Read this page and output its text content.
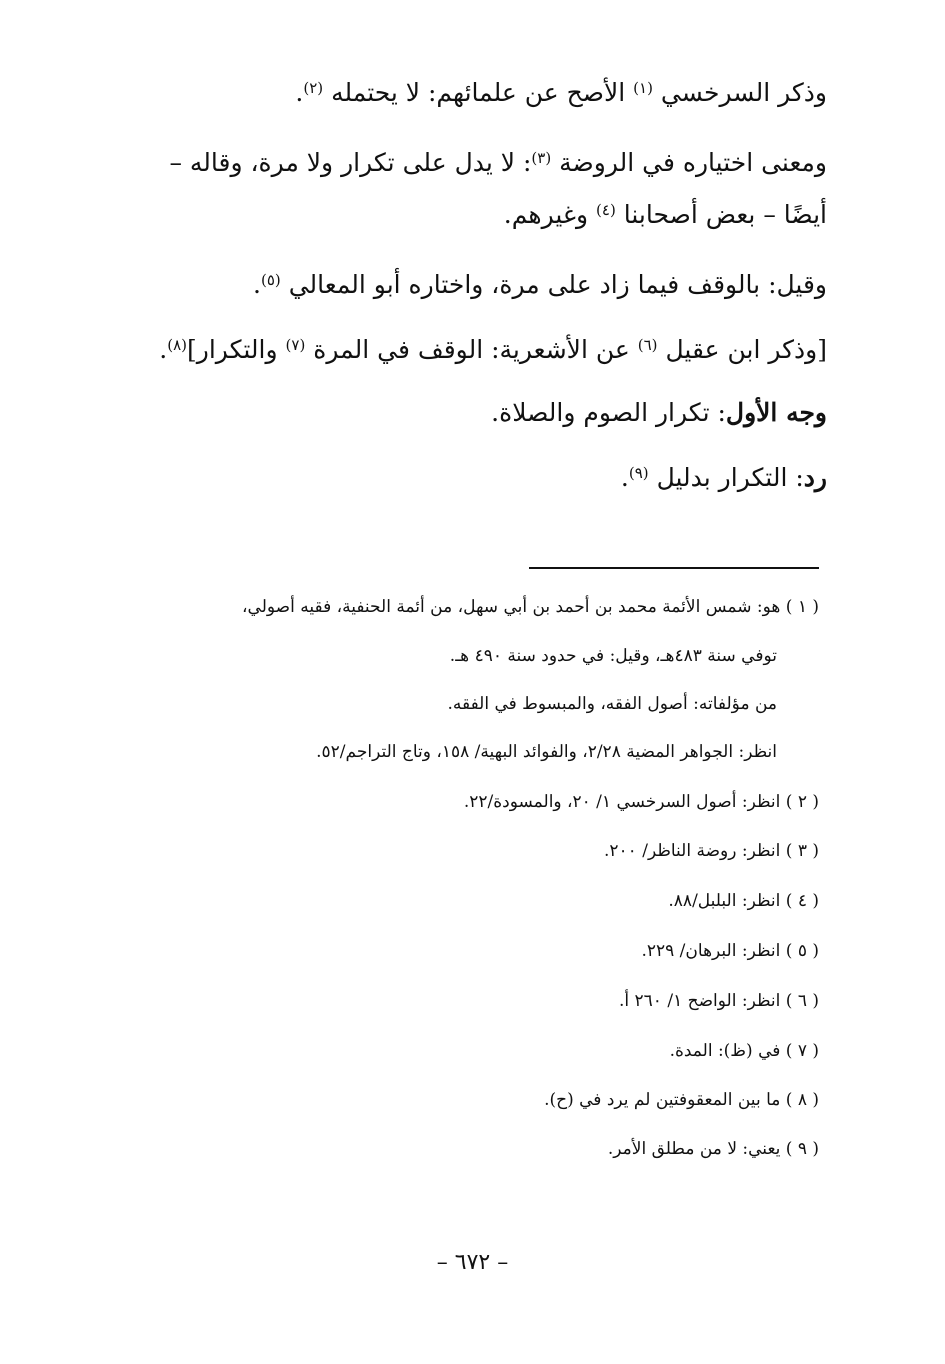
وذكر السرخسي $^{(١)}$ الأصح عن علمائهم: لا يحتمله $^{(٢)}$.
ومعنى اختياره في الروضة $^{(٣)}$: لا يدل على تكرار ولا مرة، وقاله –
أيضًا – بعض أصحابنا $^{(٤)}$ وغيرهم.
وقيل: بالوقف فيما زاد على مرة، واختاره أبو المعالي $^{(٥)}$.
[وذكر ابن عقيل $^{(٦)}$ عن الأشعرية: الوقف في المرة $^{(٧)}$ والتكرار]$^{(٨)}$.
وجه الأول: تكرار الصوم والصلاة.
رد: التكرار بدليل $^{(٩)}$.
( ١ ) هو: شمس الأئمة محمد بن أحمد بن أبي سهل، من أئمة الحنفية، فقيه أصولي،
توفي سنة ٤٨٣هـ، وقيل: في حدود سنة ٤٩٠ هـ.
من مؤلفاته: أصول الفقه، والمبسوط في الفقه.
انظر: الجواهر المضية ٢/٢٨، والفوائد البهية/ ١٥٨، وتاج التراجم/٥٢.
( ٢ ) انظر: أصول السرخسي ١/ ٢٠، والمسودة/٢٢.
( ٣ ) انظر: روضة الناظر/ ٢٠٠.
( ٤ ) انظر: البلبل/٨٨.
( ٥ ) انظر: البرهان/ ٢٢٩.
( ٦ ) انظر: الواضح ١/ ٢٦٠ أ.
( ٧ ) في (ظ): المدة.
( ٨ ) ما بين المعقوفتين لم يرد في (ح).
( ٩ ) يعني: لا من مطلق الأمر.
– ٦٧٢ –
